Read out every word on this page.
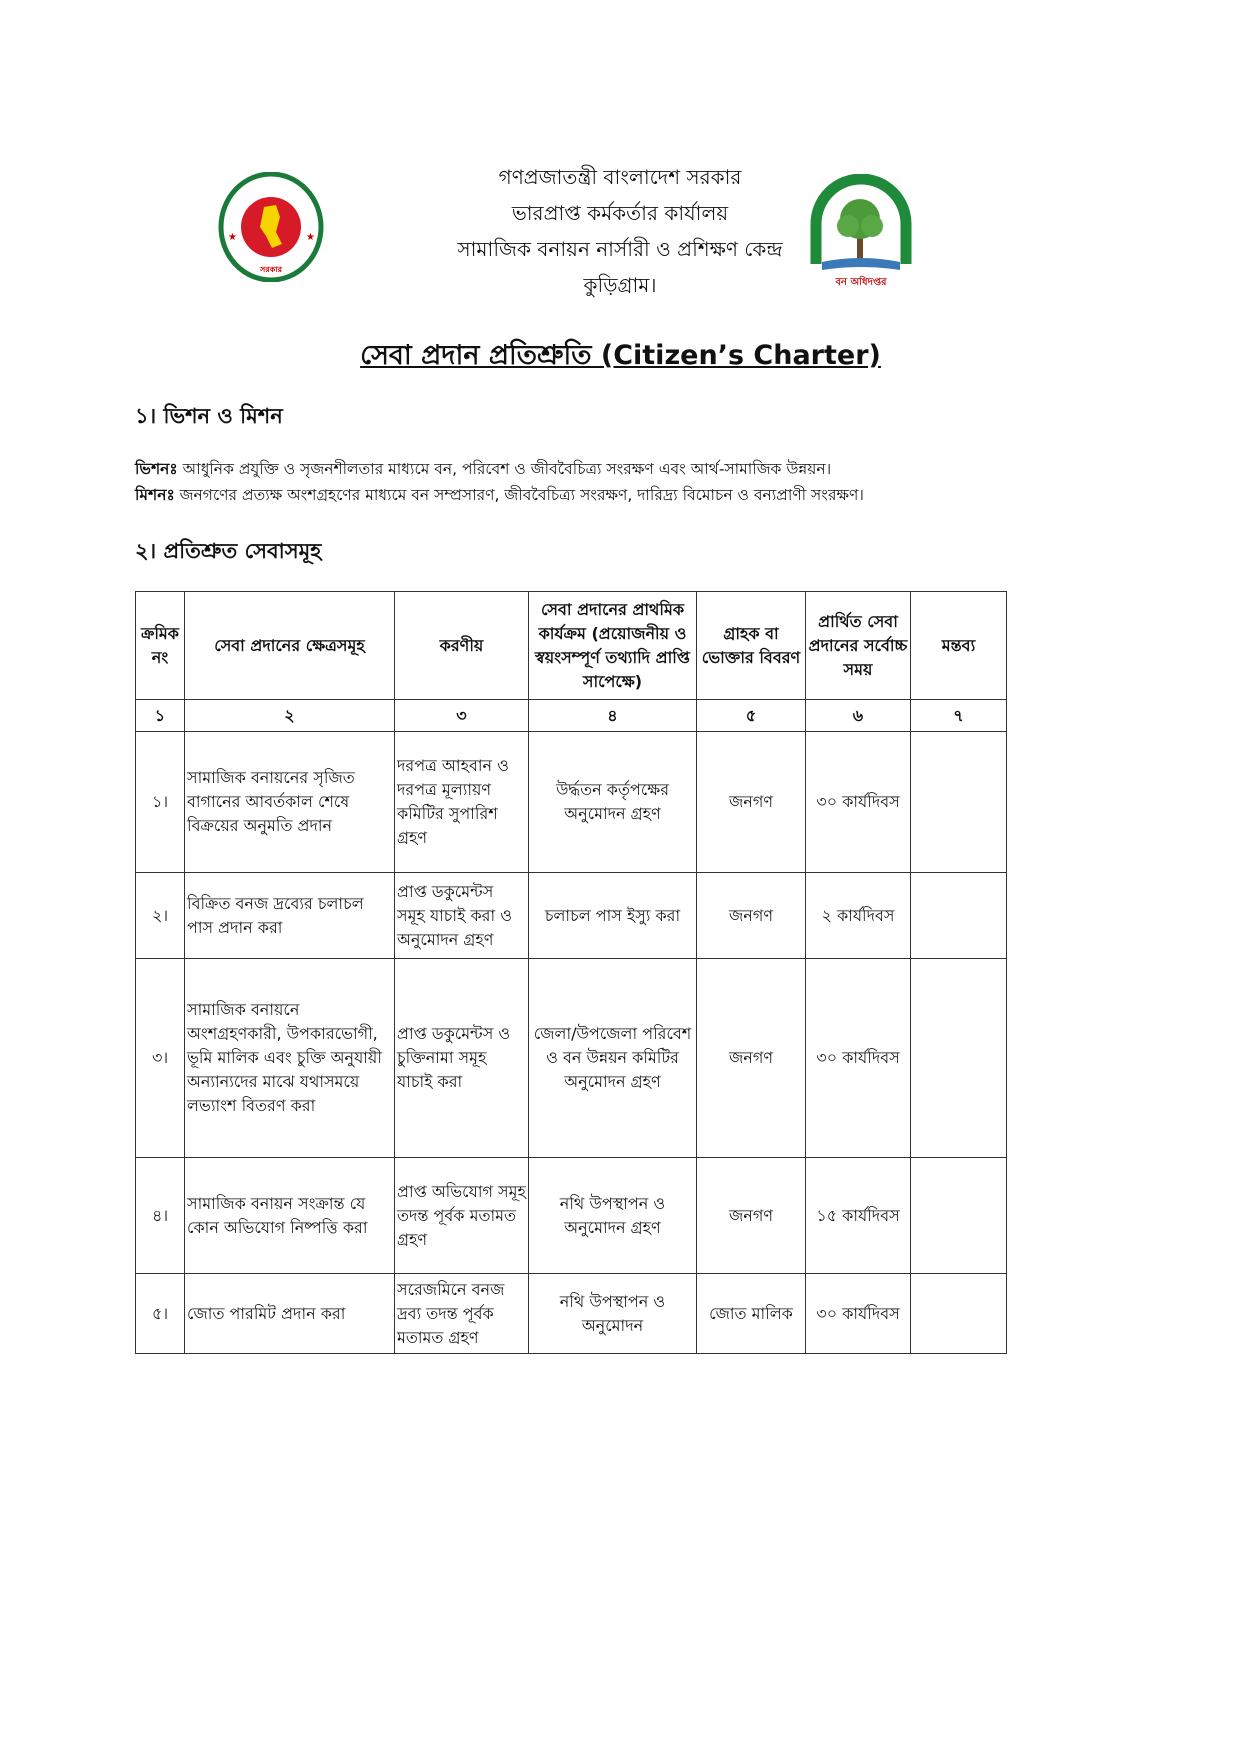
★	★
সরকার
গণপ্রজাতন্ত্রী বাংলাদেশ সরকার
ভারপ্রাপ্ত কর্মকর্তার কার্যালয়
সামাজিক বনায়ন নার্সারী ও প্রশিক্ষণ কেন্দ্র
কুড়িগ্রাম।	বন অধিদপ্তর
সেবা প্রদান প্রতিশ্রুতি (Citizen’s Charter)
১। ভিশন ও মিশন
ভিশনঃ আধুনিক প্রযুক্তি ও সৃজনশীলতার মাধ্যমে বন, পরিবেশ ও জীববৈচিত্র্য সংরক্ষণ এবং আর্থ-সামাজিক উন্নয়ন।
মিশনঃ জনগণের প্রত্যক্ষ অংশগ্রহণের মাধ্যমে বন সম্প্রসারণ, জীববৈচিত্র্য সংরক্ষণ, দারিদ্র্য বিমোচন ও বন্যপ্রাণী সংরক্ষণ।
২। প্রতিশ্রুত সেবাসমূহ
ক্রমিক নং	সেবা প্রদানের ক্ষেত্রসমূহ	করণীয়	সেবা প্রদানের প্রাথমিক কার্যক্রম (প্রয়োজনীয় ও স্বয়ংসম্পূর্ণ তথ্যাদি প্রাপ্তি সাপেক্ষে)	গ্রাহক বা ভোক্তার বিবরণ	প্রার্থিত সেবা প্রদানের সর্বোচ্চ সময়	মন্তব্য
১	২	৩	৪	৫	৬	৭
১।	সামাজিক বনায়নের সৃজিত বাগানের আবর্তকাল শেষে বিক্রয়ের অনুমতি প্রদান	দরপত্র আহবান ও দরপত্র মূল্যায়ণ কমিটির সুপারিশ গ্রহণ	উর্দ্ধতন কর্তৃপক্ষের অনুমোদন গ্রহণ	জনগণ	৩০ কার্যদিবস	
২।	বিক্রিত বনজ দ্রব্যের চলাচল পাস প্রদান করা	প্রাপ্ত ডকুমেন্টস সমূহ যাচাই করা ও অনুমোদন গ্রহণ	চলাচল পাস ইস্যু করা	জনগণ	২ কার্যদিবস	
৩।	সামাজিক বনায়নে অংশগ্রহণকারী, উপকারভোগী, ভূমি মালিক এবং চুক্তি অনুযায়ী অন্যান্যদের মাঝে যথাসময়ে লভ্যাংশ বিতরণ করা	প্রাপ্ত ডকুমেন্টস ও চুক্তিনামা সমূহ যাচাই করা	জেলা/উপজেলা পরিবেশ ও বন উন্নয়ন কমিটির অনুমোদন গ্রহণ	জনগণ	৩০ কার্যদিবস	
৪।	সামাজিক বনায়ন সংক্রান্ত যে কোন অভিযোগ নিষ্পত্তি করা	প্রাপ্ত অভিযোগ সমূহ তদন্ত পূর্বক মতামত গ্রহণ	নথি উপস্থাপন ও অনুমোদন গ্রহণ	জনগণ	১৫ কার্যদিবস	
৫।	জোত পারমিট প্রদান করা	সরেজমিনে বনজ দ্রব্য তদন্ত পূর্বক মতামত গ্রহণ	নথি উপস্থাপন ও অনুমোদন	জোত মালিক	৩০ কার্যদিবস	
